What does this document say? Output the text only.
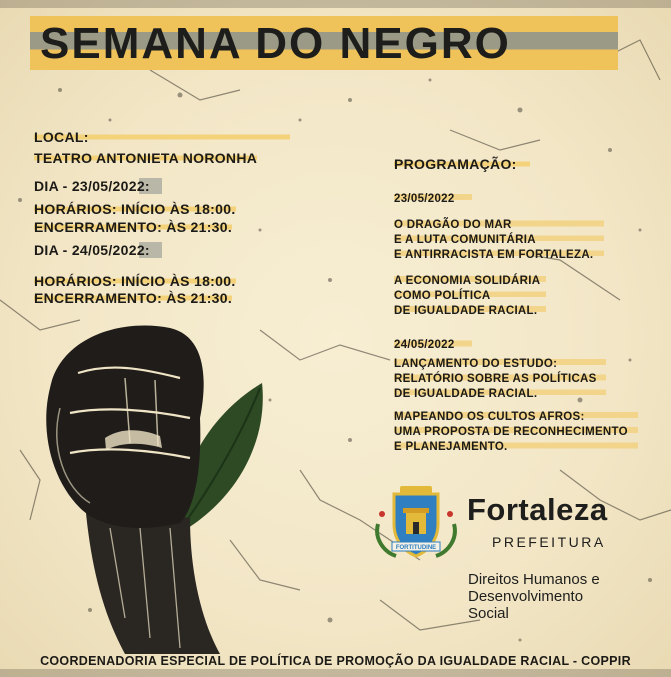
SEMANA DO NEGRO
LOCAL:
TEATRO ANTONIETA NORONHA
DIA - 23/05/2022:
HORÁRIOS: INÍCIO ÀS 18:00.
ENCERRAMENTO: ÀS 21:30.
DIA - 24/05/2022:
HORÁRIOS: INÍCIO ÀS 18:00.
ENCERRAMENTO: ÀS 21:30.
PROGRAMAÇÃO:
23/05/2022
O DRAGÃO DO MAR
E A LUTA COMUNITÁRIA
E ANTIRRACISTA EM FORTALEZA.
A ECONOMIA SOLIDÁRIA
COMO POLÍTICA
DE IGUALDADE RACIAL.
24/05/2022
LANÇAMENTO DO ESTUDO:
RELATÓRIO SOBRE AS POLÍTICAS
DE IGUALDADE RACIAL.
MAPEANDO OS CULTOS AFROS:
UMA PROPOSTA DE RECONHECIMENTO
E PLANEJAMENTO.
FORTITUDINE
Fortaleza
PREFEITURA
Direitos Humanos e
Desenvolvimento
Social
COORDENADORIA ESPECIAL DE POLÍTICA DE PROMOÇÃO DA IGUALDADE RACIAL - COPPIR
